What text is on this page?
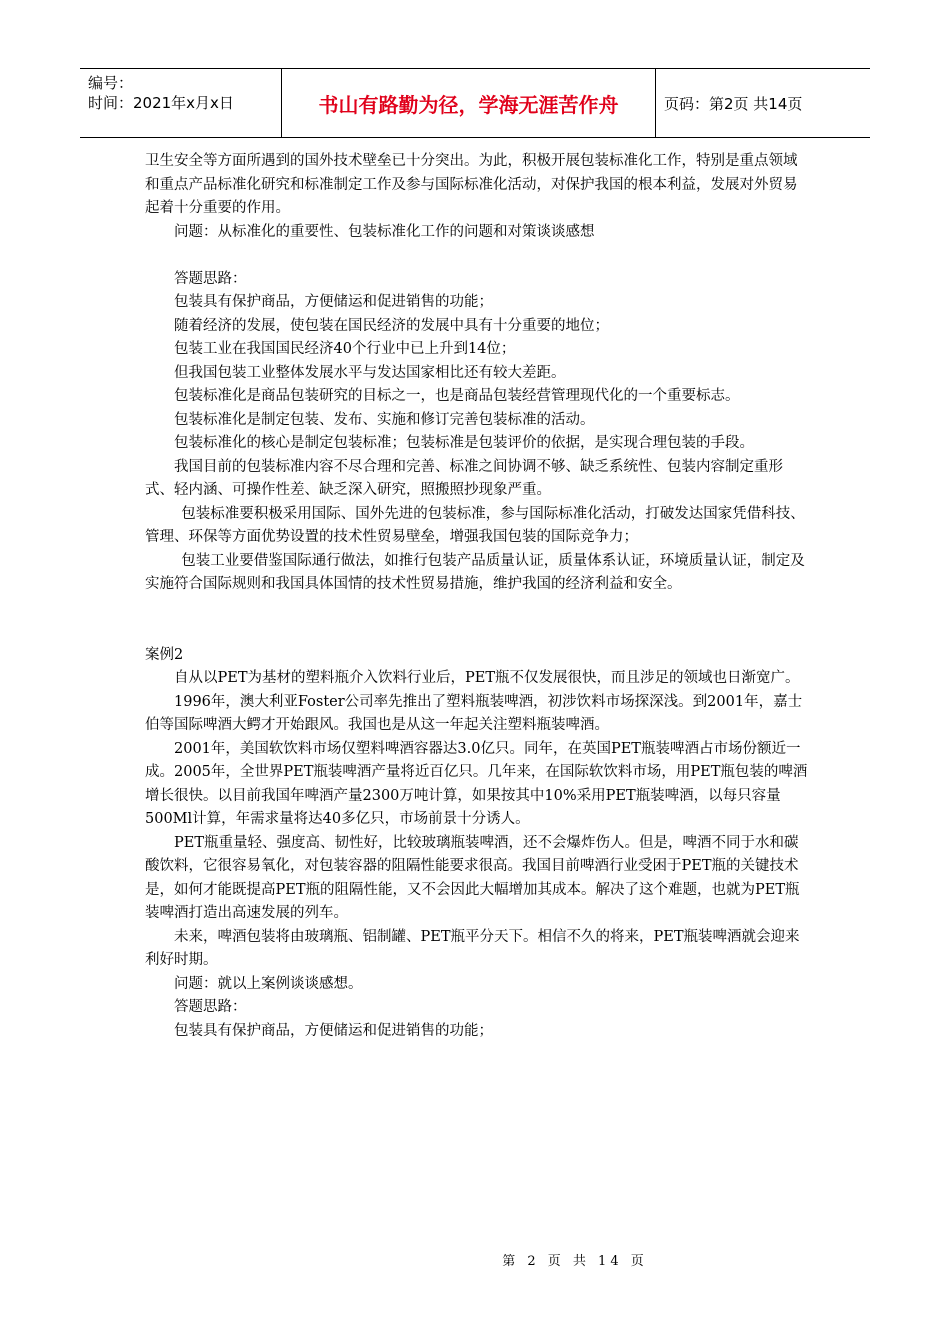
编号：
时间：2021年x月x日	书山有路勤为径，学海无涯苦作舟	页码：第2页 共14页

卫生安全等方面所遇到的国外技术壁垒已十分突出。为此，积极开展包装标准化工作，特别是重点领域和重点产品标准化研究和标准制定工作及参与国际标准化活动，对保护我国的根本利益，发展对外贸易起着十分重要的作用。

问题：从标准化的重要性、包装标准化工作的问题和对策谈谈感想

答题思路：

包装具有保护商品，方便储运和促进销售的功能；

随着经济的发展，使包装在国民经济的发展中具有十分重要的地位；

包装工业在我国国民经济40个行业中已上升到14位；

但我国包装工业整体发展水平与发达国家相比还有较大差距。

包装标准化是商品包装研究的目标之一，也是商品包装经营管理现代化的一个重要标志。

包装标准化是制定包装、发布、实施和修订完善包装标准的活动。

包装标准化的核心是制定包装标准；包装标准是包装评价的依据，是实现合理包装的手段。

我国目前的包装标准内容不尽合理和完善、标准之间协调不够、缺乏系统性、包装内容制定重形式、轻内涵、可操作性差、缺乏深入研究，照搬照抄现象严重。

包装标准要积极采用国际、国外先进的包装标准，参与国际标准化活动，打破发达国家凭借科技、管理、环保等方面优势设置的技术性贸易壁垒，增强我国包装的国际竞争力；

包装工业要借鉴国际通行做法，如推行包装产品质量认证，质量体系认证，环境质量认证，制定及实施符合国际规则和我国具体国情的技术性贸易措施，维护我国的经济利益和安全。

案例2

自从以PET为基材的塑料瓶介入饮料行业后，PET瓶不仅发展很快，而且涉足的领域也日渐宽广。

1996年，澳大利亚Foster公司率先推出了塑料瓶装啤酒，初涉饮料市场探深浅。到2001年，嘉士伯等国际啤酒大鳄才开始跟风。我国也是从这一年起关注塑料瓶装啤酒。

2001年，美国软饮料市场仅塑料啤酒容器达3.0亿只。同年，在英国PET瓶装啤酒占市场份额近一成。2005年，全世界PET瓶装啤酒产量将近百亿只。几年来，在国际软饮料市场，用PET瓶包装的啤酒增长很快。以目前我国年啤酒产量2300万吨计算，如果按其中10%采用PET瓶装啤酒，以每只容量500Ml计算，年需求量将达40多亿只，市场前景十分诱人。

PET瓶重量轻、强度高、韧性好，比较玻璃瓶装啤酒，还不会爆炸伤人。但是，啤酒不同于水和碳酸饮料，它很容易氧化，对包装容器的阻隔性能要求很高。我国目前啤酒行业受困于PET瓶的关键技术是，如何才能既提高PET瓶的阻隔性能，又不会因此大幅增加其成本。解决了这个难题，也就为PET瓶装啤酒打造出高速发展的列车。

未来，啤酒包装将由玻璃瓶、铝制罐、PET瓶平分天下。相信不久的将来，PET瓶装啤酒就会迎来利好时期。

问题：就以上案例谈谈感想。

答题思路：

包装具有保护商品，方便储运和促进销售的功能；

第 2 页 共 14 页
